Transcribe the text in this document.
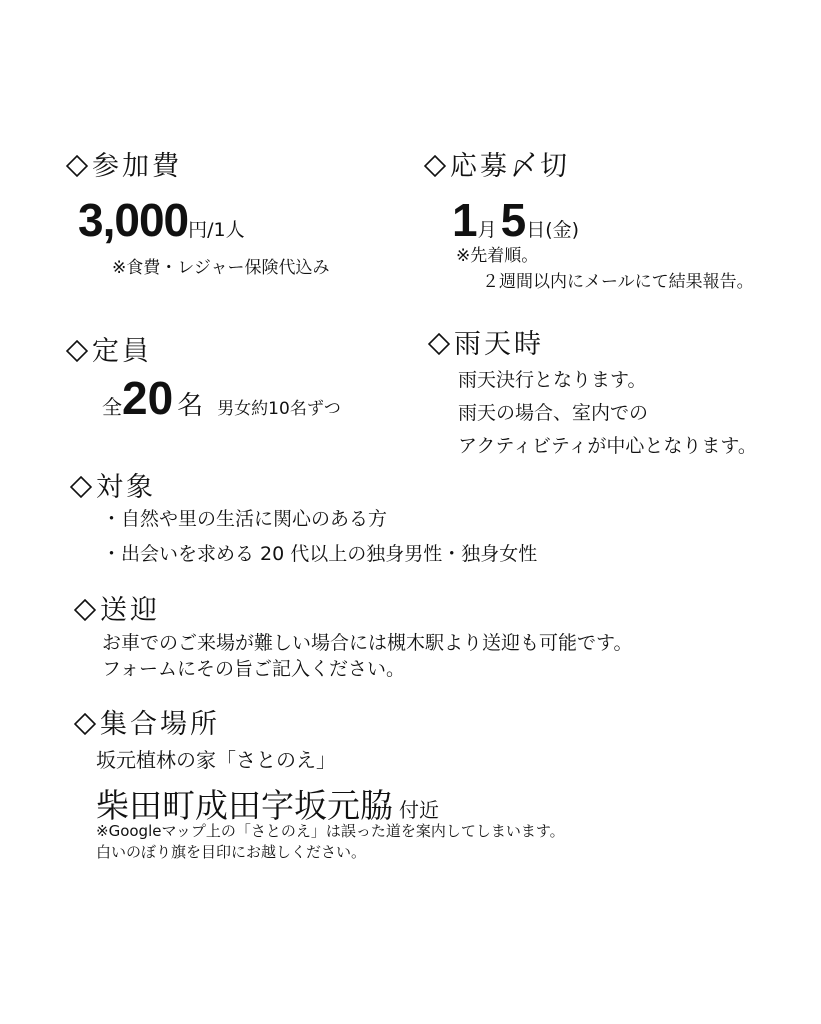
参加費
3,000円/1人
※食費・レジャー保険代込み
応募〆切
1月5日(金)
※先着順。
２週間以内にメールにて結果報告。
定員
全20 名 男女約10名ずつ
雨天時
雨天決行となります。
雨天の場合、室内での
アクティビティが中心となります。
対象
・自然や里の生活に関心のある方
・出会いを求める 20 代以上の独身男性・独身女性
送迎
お車でのご来場が難しい場合には槻木駅より送迎も可能です。
フォームにその旨ご記入ください。
集合場所
坂元植林の家「さとのえ」
柴田町成田字坂元脇 付近
※Googleマップ上の「さとのえ」は誤った道を案内してしまいます。
白いのぼり旗を目印にお越しください。
